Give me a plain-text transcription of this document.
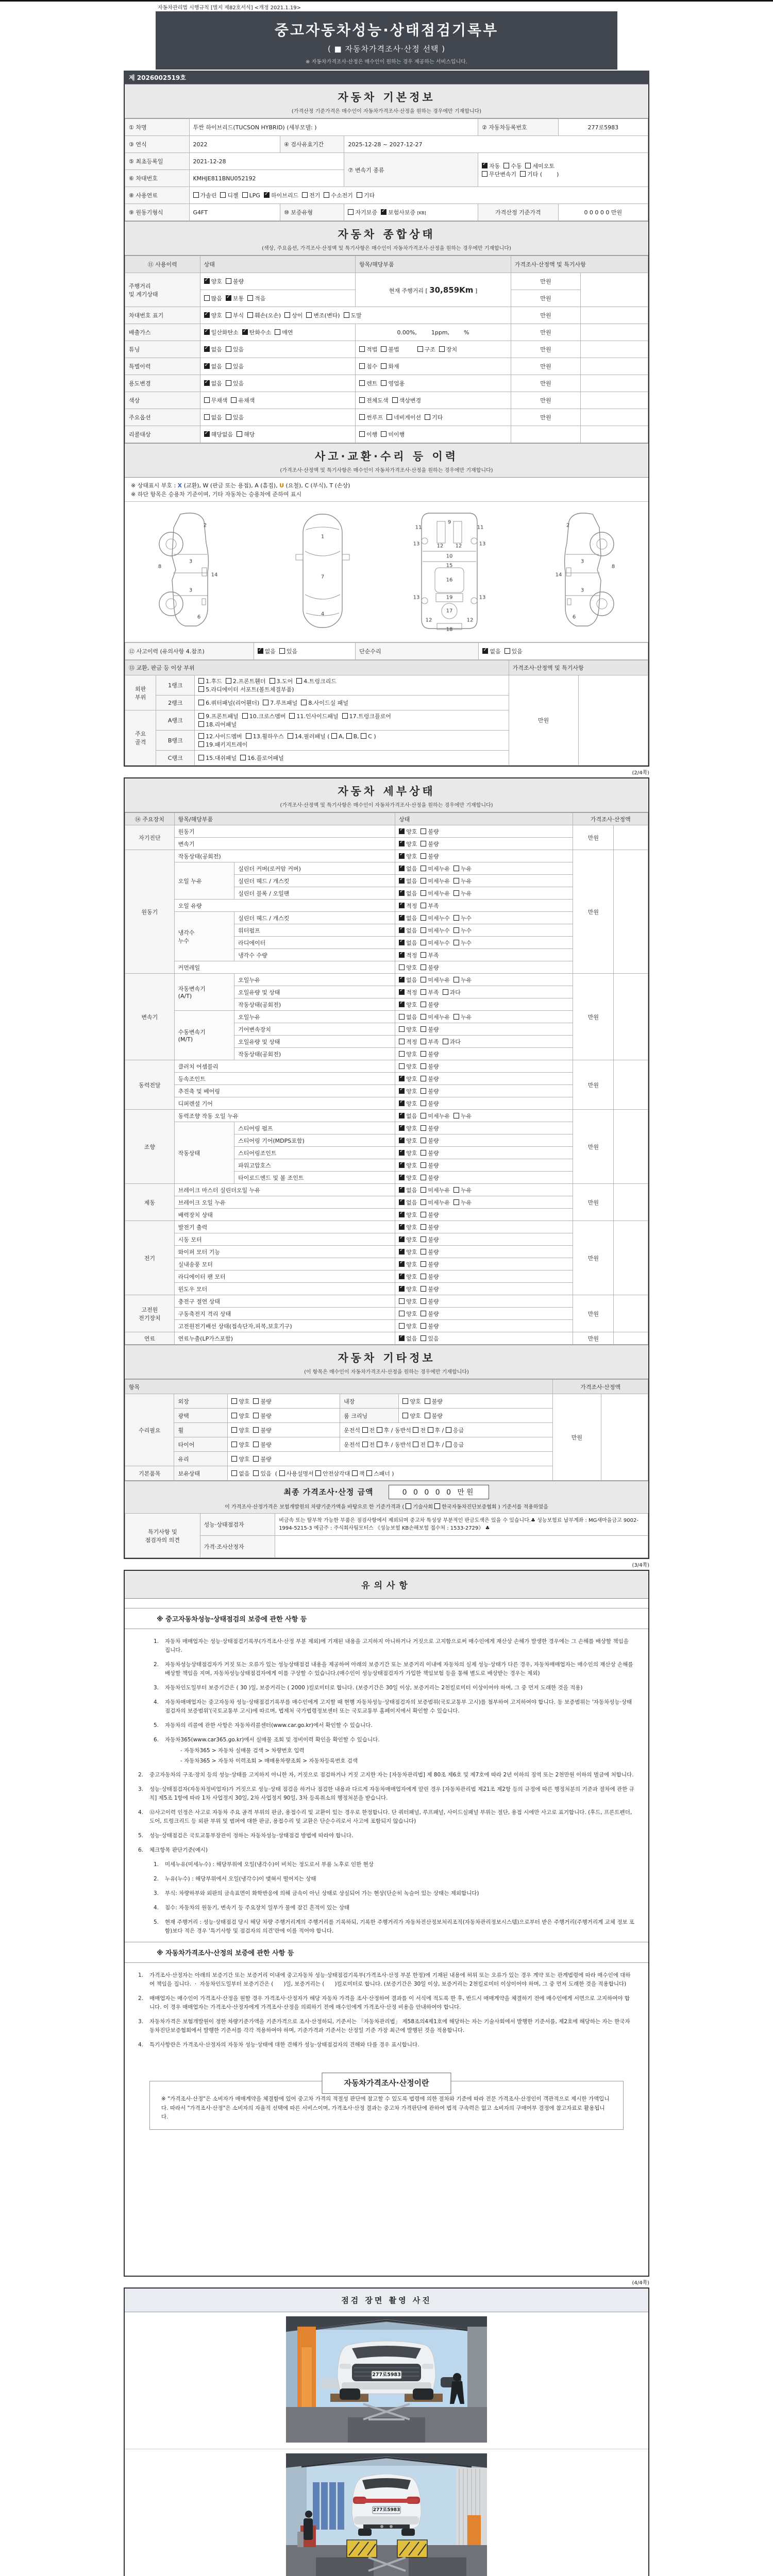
자동차관리법 시행규칙 [별지 제82호서식] <개정 2021.1.19>
중고자동차성능·상태점검기록부
( ■ 자동차가격조사·산정 선택 )
※ 자동차가격조사·산정은 매수인이 원하는 경우 제공하는 서비스입니다.
제 2026002519호
자동차 기본정보
(가격산정 기준가격은 매수인이 자동차가격조사·산정을 원하는 경우에만 기재합니다)
① 차명	투싼 하이브리드(TUCSON HYBRID) (세부모델: )			② 자동차등록번호	277로5983
③ 연식	2022	④ 검사유효기간	2025-12-28 ~ 2027-12-27		
⑤ 최초등록일	2021-12-28		⑦ 변속기 종류	✓자동  수동  세미오토
무단변속기  기타 (        )
⑥ 차대번호	KMHJE811BNU052192				
⑧ 사용연료	가솔린  디젤  LPG  ✓하이브리드  전기  수소전기  기타
⑨ 원동기형식	G4FT	⑩ 보증유형	자기보증  ✓보험사보증 [KB]	가격산정 기준가격	0 0 0 0 0 만원
자동차 종합상태
(색상, 주요옵션, 가격조사·산정액 및 특기사항은 매수인이 자동차가격조사·산정을 원하는 경우에만 기재합니다)
⑪ 사용이력	상태	항목/해당부품	가격조사·산정액 및 특기사항	
주행거리
및 계기상태	✓양호  불량	현재 주행거리 [ 30,859Km ]	만원	
	많음  ✓보통  적음		만원	
차대번호 표기	✓양호  부식  훼손(오손)  상이  변조(변타)  도말		만원	
배출가스	✓일산화탄소  ✓탄화수소  매연	0.00%,        1ppm,        %	만원	
튜닝	✓없음  있음	적법  불법          구조  장치	만원	
특별이력	✓없음  있음	침수  화재	만원	
용도변경	✓없음  있음	렌트  영업용	만원	
색상	무채색  유채색	전체도색  색상변경	만원	
주요옵션	없음  있음	썬루프  네비게이션  기타	만원	
리콜대상	✓해당없음  해당	이행  미이행		
사고·교환·수리 등 이력
(가격조사·산정액 및 특기사항은 매수인이 자동차가격조사·산정을 원하는 경우에만 기재합니다)
※ 상태표시 부호 : X (교환), W (판금 또는 용접), A (흠집), U (요철), C (부식), T (손상)
※ 하단 항목은 승용차 기준이며, 기타 자동차는 승용차에 준하여 표시
2
8
3
14
3
6
1
7
4
11	11
9
13	13
12 12
10
15
16
19
13	13
17
12	12
18
2
8
3
14
3
6
⑫ 사고이력 (유의사항 4.참조)	✓없음  있음	단순수리	✓없음  있음
⑬ 교환, 판금 등 이상 부위			가격조사·산정액 및 특기사항	
외판
부위	1랭크	1.후드  2.프론트휀더  3.도어  4.트렁크리드
5.라디에이터 서포트(볼트체결부품)	만원	
	2랭크	6.쿼터패널(리어휀더)  7.루프패널  8.사이드실 패널		
주요
골격	A랭크	9.프론트패널  10.크로스멤버  11.인사이드패널  17.트렁크플로어
18.리어패널		
	B랭크	12.사이드멤버  13.휠하우스  14.필러패널 ( A, B, C )
19.패키지트레이		
	C랭크	15.대쉬패널  16.플로어패널		
(2/4쪽)
자동차 세부상태
(가격조사·산정액 및 특기사항은 매수인이 자동차가격조사·산정을 원하는 경우에만 기재합니다)
⑭ 주요장치	항목/해당부품		상태	가격조사·산정액	
자기진단	원동기	✓양호  불량	만원	
	변속기	✓양호  불량
원동기	작동상태(공회전)	✓양호  불량	만원	
	오일 누유	실린더 커버(로커암 커버)	✓없음  미세누유  누유
		실린더 헤드 / 개스킷	✓없음  미세누유  누유
		실린더 블록 / 오일팬	✓없음  미세누유  누유
	오일 유량	✓적정  부족
	냉각수
누수	실린더 헤드 / 개스킷	✓없음  미세누수  누수
		워터펌프	✓없음  미세누수  누수
		라디에이터	✓없음  미세누수  누수
		냉각수 수량	✓적정  부족
	커먼레일		양호  불량		
변속기	자동변속기
(A/T)	오일누유	✓없음  미세누유  누유	만원	
		오일유량 및 상태	✓적정  부족  과다
		작동상태(공회전)	✓양호  불량
	수동변속기
(M/T)	오일누유	없음  미세누유  누유		
		기어변속장치	양호  불량		
		오일유량 및 상태	적정  부족  과다		
		작동상태(공회전)	양호  불량		
동력전달	클러치 어셈블리		양호  불량	만원	
	등속조인트	✓양호  불량
	추진축 및 베어링	✓양호  불량
	디퍼렌셜 기어	✓양호  불량
조향	동력조향 작동 오일 누유	✓없음  미세누유  누유	만원	
	작동상태	스티어링 펌프	✓양호  불량
		스티어링 기어(MDPS포함)	✓양호  불량
		스티어링조인트	✓양호  불량
		파워고압호스	✓양호  불량
		타이로드엔드 및 볼 조인트	✓양호  불량
제동	브레이크 마스터 실린더오일 누유	✓없음  미세누유  누유	만원	
	브레이크 오일 누유	✓없음  미세누유  누유
	배력장치 상태	✓양호  불량
전기	발전기 출력	✓양호  불량	만원	
	시동 모터	✓양호  불량
	와이퍼 모터 기능	✓양호  불량
	실내송풍 모터	✓양호  불량
	라디에이터 팬 모터	✓양호  불량
	윈도우 모터	✓양호  불량
고전원
전기장치	충전구 절연 상태		양호  불량	만원	
	구동축전지 격리 상태		양호  불량		
	고전원전기배선 상태(접속단자,피복,보호기구)		양호  불량		
연료	연료누출(LP가스포함)	✓없음  있음	만원	
자동차 기타정보
(이 항목은 매수인이 자동차가격조사·산정을 원하는 경우에만 기재합니다)
항목					가격조사·산정액	
수리필요	외장	양호  불량	내장	양호  불량	만원	
	광택	양호  불량	룸 크리닝	양호  불량		
	휠	양호  불량	운전석 전 후 / 동반석 전 후 / 응급			
	타이어	양호  불량	운전석 전 후 / 동반석 전 후 / 응급			
	유리	양호  불량				
기본품목	보유상태	없음  있음  ( 사용설명서 안전삼각대 잭 스패너 )				
최종 가격조사·산정 금액	0 0 0 0 0 만원
이 가격조사·산정가격은 보험개발원의 차량기준가액을 바탕으로 한 기준가격과 ( 기술사회 한국자동차진단보증협회 ) 기준서를 적용하였음
특기사항 및
점검자의 의견	성능·상태점검자	비금속 또는 탈부착 가능한 부품은 점검사항에서 제외되며 중고차 특성상 부분적인 판금도색은 있을 수 있습니다.♣ 성능보험료 납부계좌 : MG새마을금고 9002-1994-5215-3 예금주 : 주식회사팀모터스 《성능보험 KB손해보험 접수처 : 1533-2729》 ♣
	가격·조사산정자	
(3/4쪽)
유의사항
※ 중고자동차성능·상태점검의 보증에 관한 사항 등
1.	자동차 매매업자는 성능·상태점검기록부(가격조사·산정 부분 제외)에 기재된 내용을 고지하지 아니하거나 거짓으로 고지함으로써 매수인에게 재산상 손해가 발생한 경우에는 그 손해를 배상할 책임을 집니다.
2.	자동차성능상태점검자가 거짓 또는 오류가 있는 성능상태점검 내용을 제공하여 아래의 보증기간 또는 보증거리 이내에 자동차의 실제 성능·상태가 다른 경우, 자동차매매업자는 매수인의 재산상 손해를 배상할 책임을 지며, 자동차성능상태점검자에게 이를 구상할 수 있습니다.(매수인이 성능상태점검자가 가입한 책임보험 등을 통해 별도로 배상받는 경우는 제외)
3.	자동차인도일부터 보증기간은 ( 30 )일, 보증거리는 ( 2000 )킬로미터로 합니다. (보증기간은 30일 이상, 보증거리는 2천킬로미터 이상이어야 하며, 그 중 먼저 도래한 것을 적용)
4.	자동차매매업자는 중고자동차 성능·상태점검기록부를 매수인에게 고지할 때 현행 자동차성능·상태점검자의 보증범위(국토교통부 고시)를 첨부하여 고지하여야 합니다. 동 보증범위는 '자동차성능·상태점검자의 보증범위'(국토교통부 고시)에 따르며, 법제처 국가법령정보센터 또는 국토교통부 홈페이지에서 확인할 수 있습니다.
5.	자동차의 리콜에 관한 사항은 자동차리콜센터(www.car.go.kr)에서 확인할 수 있습니다.
6.	자동차365(www.car365.go.kr)에서 실매물 조회 및 정비이력 확인을 확인할 수 있습니다.
- 자동차365 > 자동차 실매물 검색 > 차량번호 입력
- 자동차365 > 자동차 이력조회 > 매매용차량조회 > 자동차등록번호 검색
2.	중고자동차의 구조·장치 등의 성능·상태를 고지하지 아니한 자, 거짓으로 점검하거나 거짓 고지한 자는 [자동차관리법] 제 80조 제6호 및 제7호에 따라 2년 이하의 징역 또는 2천만원 이하의 벌금에 처합니다.
3.	성능·상태점검자(자동차정비업자)가 거짓으로 성능·상태 점검을 하거나 점검한 내용과 다르게 자동차매매업자에게 알린 경우 [자동차관리법 제21조 제2항 등의 규정에 따른 행정처분의 기준과 절차에 관한 규칙] 제5조 1항에 따라 1차 사업정지 30일, 2차 사업정지 90일, 3차 등록취소의 행정처분을 받습니다.
4.	⑫사고이력 인정은 사고로 자동차 주요 골격 부위의 판금, 용접수리 및 교환이 있는 경우로 한정합니다. 단 쿼터패널, 루프패널, 사이드실패널 부위는 절단, 용접 시에만 사고로 표기합니다. (후드, 프론트펜더, 도어, 트렁크리드 등 외판 부위 및 범퍼에 대한 판금, 용접수리 및 교환은 단순수리로서 사고에 포함되지 않습니다)
5.	성능·상태점검은 국토교통부장관이 정하는 자동차성능·상태점검 방법에 따라야 합니다.
6.	체크항목 판단기준(예시)
1.	미세누유(미세누수) : 해당부위에 오일(냉각수)이 비치는 정도로서 부품 노후로 인한 현상
2.	누유(누수) : 해당부위에서 오일(냉각수)이 맺혀서 떨어지는 상태
3.	부식: 차량하부와 외판의 금속표면이 화학반응에 의해 금속이 아닌 상태로 상실되어 가는 현상(단순히 녹슬어 있는 상태는 제외합니다)
4.	침수: 자동차의 원동기, 변속기 등 주요장치 일부가 물에 잠긴 흔적이 있는 상태
5.	현재 주행거리 : 성능·상태점검 당시 해당 차량 주행거리계의 주행거리를 기록하되, 기록한 주행거리가 자동차전산정보처리조직(자동차관리정보시스템)으로부터 받은 주행거리(주행거리계 교체 정보 포함)보다 적은 경우 '특기사항 및 점검자의 의견'란에 이를 적어야 합니다.
※ 자동차가격조사·산정의 보증에 관한 사항 등
1.	가격조사·산정자는 아래의 보증기간 또는 보증거리 이내에 중고자동차 성능·상태점검기록부(가격조사·산정 부분 한정)에 기재된 내용에 허위 또는 오류가 있는 경우 계약 또는 관계법령에 따라 매수인에 대하여 책임을 집니다.  ·  자동차인도일부터 보증기간은 (      )일, 보증거리는 (      )킬로미터로 합니다. (보증기간은 30일 이상, 보증거리는 2천킬로미터 이상이어야 하며, 그 중 먼저 도래한 것을 적용합니다)
2.	매매업자는 매수인이 가격조사·산정을 원할 경우 가격조사·산정자가 해당 자동차 가격을 조사·산정하여 결과를 이 서식에 적도록 한 후, 반드시 매매계약을 체결하기 전에 매수인에게 서면으로 고지하여야 합니다. 이 경우 매매업자는 가격조사·산정자에게 가격조사·산정을 의뢰하기 전에 매수인에게 가격조사·산정 비용을 안내하여야 합니다.
3.	자동차가격은 보험개발원이 정한 차량기준가액을 기준가격으로 조사·산정하되, 기준서는 「자동차관리법」 제58조의4제1호에 해당하는 자는 기술사회에서 발행한 기준서를, 제2호에 해당하는 자는 한국자동차진단보증협회에서 발행한 기준서를 각각 적용하여야 하며, 기준가격과 기준서는 산정일 기준 가장 최근에 발행된 것을 적용합니다.
4.	특기사항란은 가격조사·산정자의 자동차 성능·상태에 대한 견해가 성능·상태점검자의 견해와 다를 경우 표시합니다.
자동차가격조사·산정이란
※ "가격조사·산정"은 소비자가 매매계약을 체결함에 있어 중고차 가격의 적절성 판단에 참고할 수 있도록 법령에 의한 절차와 기준에 따라 전문 가격조사·산정인이 객관적으로 제시한 가액입니다. 따라서 "가격조사·산정"은 소비자의 자율적 선택에 따른 서비스이며, 가격조사·산정 결과는 중고차 가격판단에 관하여 법적 구속력은 없고 소비자의 구매여부 결정에 참고자료로 활용됩니다.
(4/4쪽)
점검 장면 촬영 사진
277로5983
277로5983
